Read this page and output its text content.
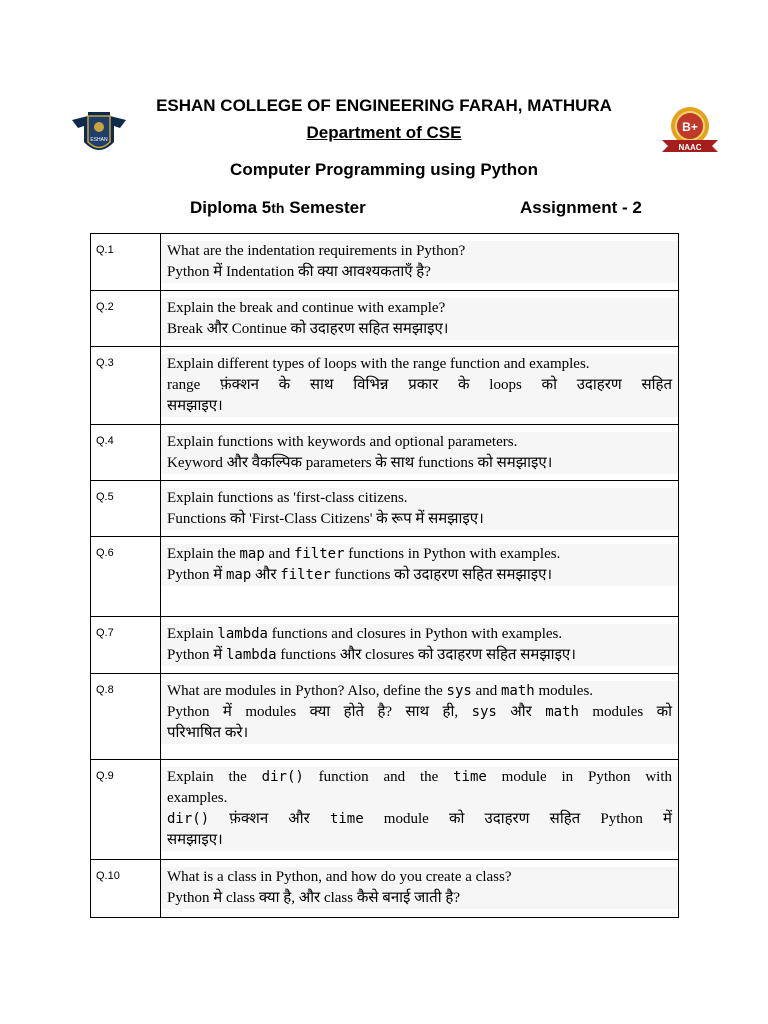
ESHAN
B+
NAAC
ESHAN COLLEGE OF ENGINEERING FARAH, MATHURA
Department of CSE
Computer Programming using Python
Diploma 5th Semester	Assignment - 2
Q.1	What are the indentation requirements in Python?
Python में Indentation की क्या आवश्यकताएँ है?

Q.2	Explain the break and continue with example?
Break और Continue को उदाहरण सहित समझाइए।

Q.3	Explain different types of loops with the range function and examples.
range फ़ंक्शन के साथ विभिन्न प्रकार के loops को उदाहरण सहित
समझाइए।

Q.4	Explain functions with keywords and optional parameters.
Keyword और वैकल्पिक parameters के साथ functions को समझाइए।

Q.5	Explain functions as 'first-class citizens.
Functions को 'First-Class Citizens' के रूप में समझाइए।

Q.6	Explain the map and filter functions in Python with examples.
Python में map और filter functions को उदाहरण सहित समझाइए।

Q.7	Explain lambda functions and closures in Python with examples.
Python में lambda functions और closures को उदाहरण सहित समझाइए।

Q.8	What are modules in Python? Also, define the sys and math modules.
Python में modules क्या होते है? साथ ही, sys और math modules को
परिभाषित करे।

Q.9	Explain the dir() function and the time module in Python with
examples.
dir() फ़ंक्शन और time module को उदाहरण सहित Python में
समझाइए।

Q.10	What is a class in Python, and how do you create a class?
Python मे class क्या है, और class कैसे बनाई जाती है?
